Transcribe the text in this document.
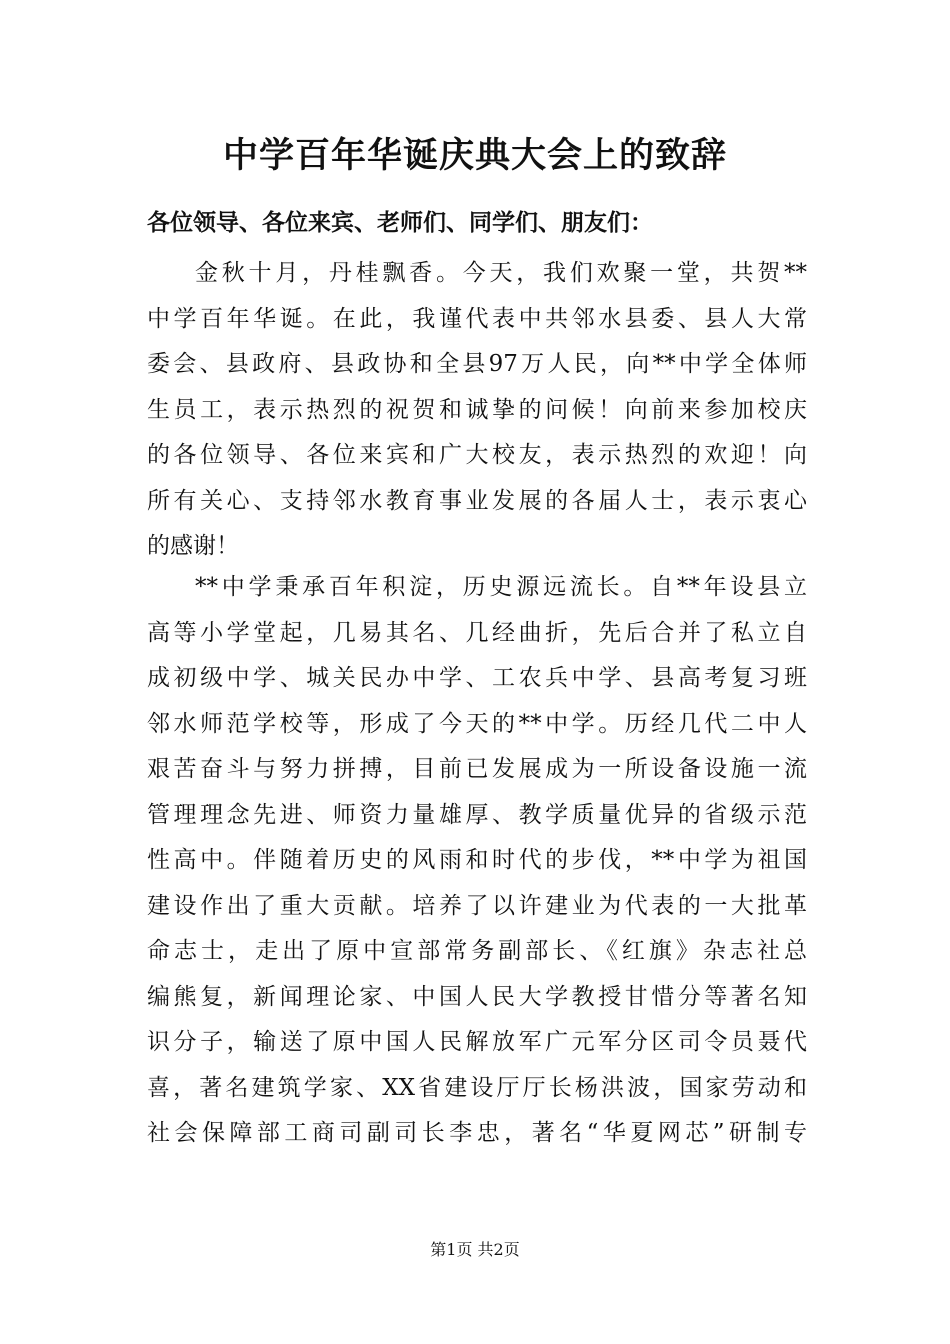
中学百年华诞庆典大会上的致辞
各位领导、各位来宾、老师们、同学们、朋友们：
金秋十月，丹桂飘香。今天，我们欢聚一堂，共贺**
中学百年华诞。在此，我谨代表中共邻水县委、县人大常
委会、县政府、县政协和全县97万人民，向**中学全体师
生员工，表示热烈的祝贺和诚挚的问候！向前来参加校庆
的各位领导、各位来宾和广大校友，表示热烈的欢迎！向
所有关心、支持邻水教育事业发展的各届人士，表示衷心
的感谢！
**中学秉承百年积淀，历史源远流长。自**年设县立
高等小学堂起，几易其名、几经曲折，先后合并了私立自
成初级中学、城关民办中学、工农兵中学、县高考复习班
邻水师范学校等，形成了今天的**中学。历经几代二中人
艰苦奋斗与努力拼搏，目前已发展成为一所设备设施一流
管理理念先进、师资力量雄厚、教学质量优异的省级示范
性高中。伴随着历史的风雨和时代的步伐，**中学为祖国
建设作出了重大贡献。培养了以许建业为代表的一大批革
命志士，走出了原中宣部常务副部长、《红旗》杂志社总
编熊复，新闻理论家、中国人民大学教授甘惜分等著名知
识分子，输送了原中国人民解放军广元军分区司令员聂代
喜，著名建筑学家、XX省建设厅厅长杨洪波，国家劳动和
社会保障部工商司副司长李忠，著名“华夏网芯”研制专
第1页 共2页
